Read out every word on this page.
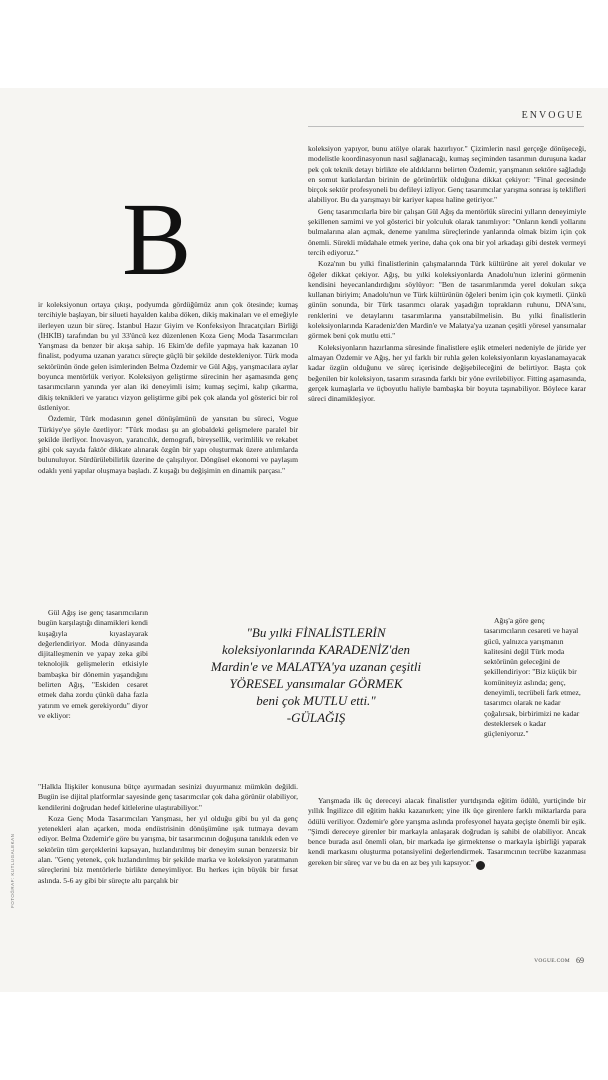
ENVOGUE
B

ir koleksiyonun ortaya çıkışı, podyumda gördüğümüz anın çok ötesinde; kumaş tercihiyle başlayan, bir silueti hayalden kalıba döken, dikiş makinaları ve el emeğiyle ilerleyen uzun bir süreç. İstanbul Hazır Giyim ve Konfeksiyon İhracatçıları Birliği (İHKİB) tarafından bu yıl 33'üncü kez düzenlenen Koza Genç Moda Tasarımcıları Yarışması da benzer bir akışa sahip. 16 Ekim'de defile yapmaya hak kazanan 10 finalist, podyuma uzanan yaratıcı süreçte güçlü bir şekilde destekleniyor. Türk moda sektörünün önde gelen isimlerinden Belma Özdemir ve Gül Ağış, yarışmacılara aylar boyunca mentörlük veriyor. Koleksiyon geliştirme sürecinin her aşamasında genç tasarımcıların yanında yer alan iki deneyimli isim; kumaş seçimi, kalıp çıkarma, dikiş teknikleri ve yaratıcı vizyon geliştirme gibi pek çok alanda yol gösterici bir rol üstleniyor.

Özdemir, Türk modasının genel dönüşümünü de yansıtan bu süreci, Vogue Türkiye'ye şöyle özetliyor: "Türk modası şu an globaldeki gelişmelere paralel bir şekilde ilerliyor. İnovasyon, yaratıcılık, demografi, bireysellik, verimlilik ve rekabet gibi çok sayıda faktör dikkate alınarak özgün bir yapı oluşturmak üzere atılımlarda bulunuluyor. Sürdürülebilirlik üzerine de çalışılıyor. Döngüsel ekonomi ve paylaşım odaklı yeni yapılar oluşmaya başladı. Z kuşağı bu değişimin en dinamik parçası."

Gül Ağış ise genç tasarımcıların bugün karşılaştığı dinamikleri kendi kuşağıyla kıyaslayarak değerlendiriyor. Moda dünyasında dijitalleşmenin ve yapay zeka gibi teknolojik gelişmelerin etkisiyle bambaşka bir dönemin yaşandığını belirten Ağış, "Eskiden cesaret etmek daha zordu çünkü daha fazla yatırım ve emek gerekiyordu" diyor ve ekliyor:

"Bu yılki FİNALİSTLERİN
koleksiyonlarında KARADENİZ'den
Mardin'e ve MALATYA'ya uzanan çeşitli
YÖRESEL yansımalar GÖRMEK
beni çok MUTLU etti."
-GÜLAĞIŞ

"Halkla İlişkiler konusuna bütçe ayırmadan sesinizi duyurmanız mümkün değildi. Bugün ise dijital platformlar sayesinde genç tasarımcılar çok daha görünür olabiliyor, kendilerini doğrudan hedef kitlelerine ulaştırabiliyor."

Koza Genç Moda Tasarımcıları Yarışması, her yıl olduğu gibi bu yıl da genç yetenekleri alan açarken, moda endüstrisinin dönüşümüne ışık tutmaya devam ediyor. Belma Özdemir'e göre bu yarışma, bir tasarımcının doğuşuna tanıklık eden ve sektörün tüm gerçeklerini kapsayan, hızlandırılmış bir deneyim sunan benzersiz bir alan. "Genç yetenek, çok hızlandırılmış bir şekilde marka ve koleksiyon yaratmanın süreçlerini biz mentörlerle birlikte deneyimliyor. Bu herkes için büyük bir fırsat aslında. 5-6 ay gibi bir süreçte altı parçalık bir

koleksiyon yapıyor, bunu atölye olarak hazırlıyor." Çizimlerin nasıl gerçeğe dönüşeceği, modelistle koordinasyonun nasıl sağlanacağı, kumaş seçiminden tasarımın duruşuna kadar pek çok teknik detayı birlikte ele aldıklarını belirten Özdemir, yarışmanın sektöre sağladığı en somut katkılardan birinin de görünürlük olduğuna dikkat çekiyor: "Final gecesinde birçok sektör profesyoneli bu defileyi izliyor. Genç tasarımcılar yarışma sonrası iş teklifleri alabiliyor. Bu da yarışmayı bir kariyer kapısı haline getiriyor."

Genç tasarımcılarla bire bir çalışan Gül Ağış da mentörlük sürecini yılların deneyimiyle şekillenen samimi ve yol gösterici bir yolculuk olarak tanımlıyor: "Onların kendi yollarını bulmalarına alan açmak, deneme yanılma süreçlerinde yanlarında olmak bizim için çok önemli. Sürekli müdahale etmek yerine, daha çok ona bir yol arkadaşı gibi destek vermeyi tercih ediyoruz."

Koza'nın bu yılki finalistlerinin çalışmalarında Türk kültürüne ait yerel dokular ve öğeler dikkat çekiyor. Ağış, bu yılki koleksiyonlarda Anadolu'nun izlerini görmenin kendisini heyecanlandırdığını söylüyor: "Ben de tasarımlarımda yerel dokuları sıkça kullanan biriyim; Anadolu'nun ve Türk kültürünün öğeleri benim için çok kıymetli. Çünkü günün sonunda, bir Türk tasarımcı olarak yaşadığın toprakların ruhunu, DNA'sını, renklerini ve detaylarını tasarımlarına yansıtabilmelisin. Bu yılki finalistlerin koleksiyonlarında Karadeniz'den Mardin'e ve Malatya'ya uzanan çeşitli yöresel yansımalar görmek beni çok mutlu etti."

Koleksiyonların hazırlanma süresinde finalistlere eşlik etmeleri nedeniyle de jüride yer almayan Özdemir ve Ağış, her yıl farklı bir ruhla gelen koleksiyonların kıyaslanamayacak kadar özgün olduğunu ve süreç içerisinde değişebileceğini de belirtiyor. Başta çok beğenilen bir koleksiyon, tasarım sırasında farklı bir yöne evrilebiliyor. Fitting aşamasında, gerçek kumaşlarla ve üçboyutlu haliyle bambaşka bir boyuta taşınabiliyor. Böylece karar süreci dinamikleşiyor.

Ağış'a göre genç tasarımcıların cesareti ve hayal gücü, yalnızca yarışmanın kalitesini değil Türk moda sektörünün geleceğini de şekillendiriyor: "Biz küçük bir komüniteyiz aslında; genç, deneyimli, tecrübeli fark etmez, tasarımcı olarak ne kadar çoğalırsak, birbirimizi ne kadar desteklersek o kadar güçleniyoruz."

Yarışmada ilk üç dereceyi alacak finalistler yurtdışında eğitim ödülü, yurtiçinde bir yıllık İngilizce dil eğitim hakkı kazanırken; yine ilk üçe girenlere farklı miktarlarda para ödülü veriliyor. Özdemir'e göre yarışma aslında profesyonel hayata geçişte önemli bir eşik. "Şimdi dereceye girenler bir markayla anlaşarak doğrudan iş sahibi de olabiliyor. Ancak bence burada asıl önemli olan, bir markada işe girmektense o markayla işbirliği yaparak kendi markasını oluşturma potansiyelini değerlendirmek. Tasarımcının tecrübe kazanması gereken bir süreç var ve bu da en az beş yılı kapsıyor." V

FOTOĞRAF: KUTLUGALEKAN
VOGUE.COM 69
